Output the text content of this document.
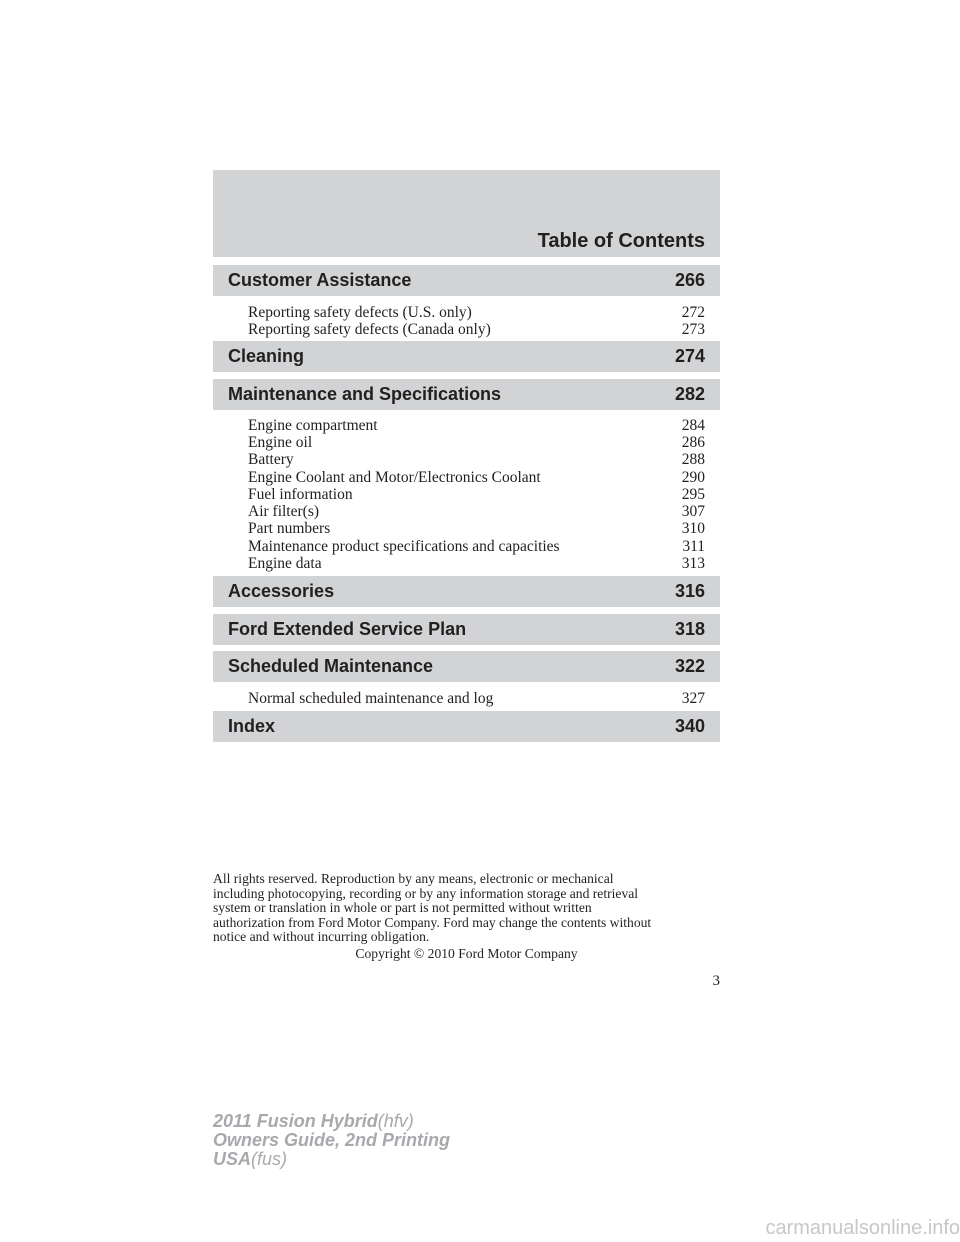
Table of Contents
Customer Assistance	266
Reporting safety defects (U.S. only)	272
Reporting safety defects (Canada only)	273
Cleaning	274
Maintenance and Specifications	282
Engine compartment	284
Engine oil	286
Battery	288
Engine Coolant and Motor/Electronics Coolant	290
Fuel information	295
Air filter(s)	307
Part numbers	310
Maintenance product specifications and capacities	311
Engine data	313
Accessories	316
Ford Extended Service Plan	318
Scheduled Maintenance	322
Normal scheduled maintenance and log	327
Index	340
All rights reserved. Reproduction by any means, electronic or mechanical
including photocopying, recording or by any information storage and retrieval
system or translation in whole or part is not permitted without written
authorization from Ford Motor Company. Ford may change the contents without
notice and without incurring obligation.
Copyright © 2010 Ford Motor Company
3
2011 Fusion Hybrid(hfv)
Owners Guide, 2nd Printing
USA(fus)
carmanualsonline.info
